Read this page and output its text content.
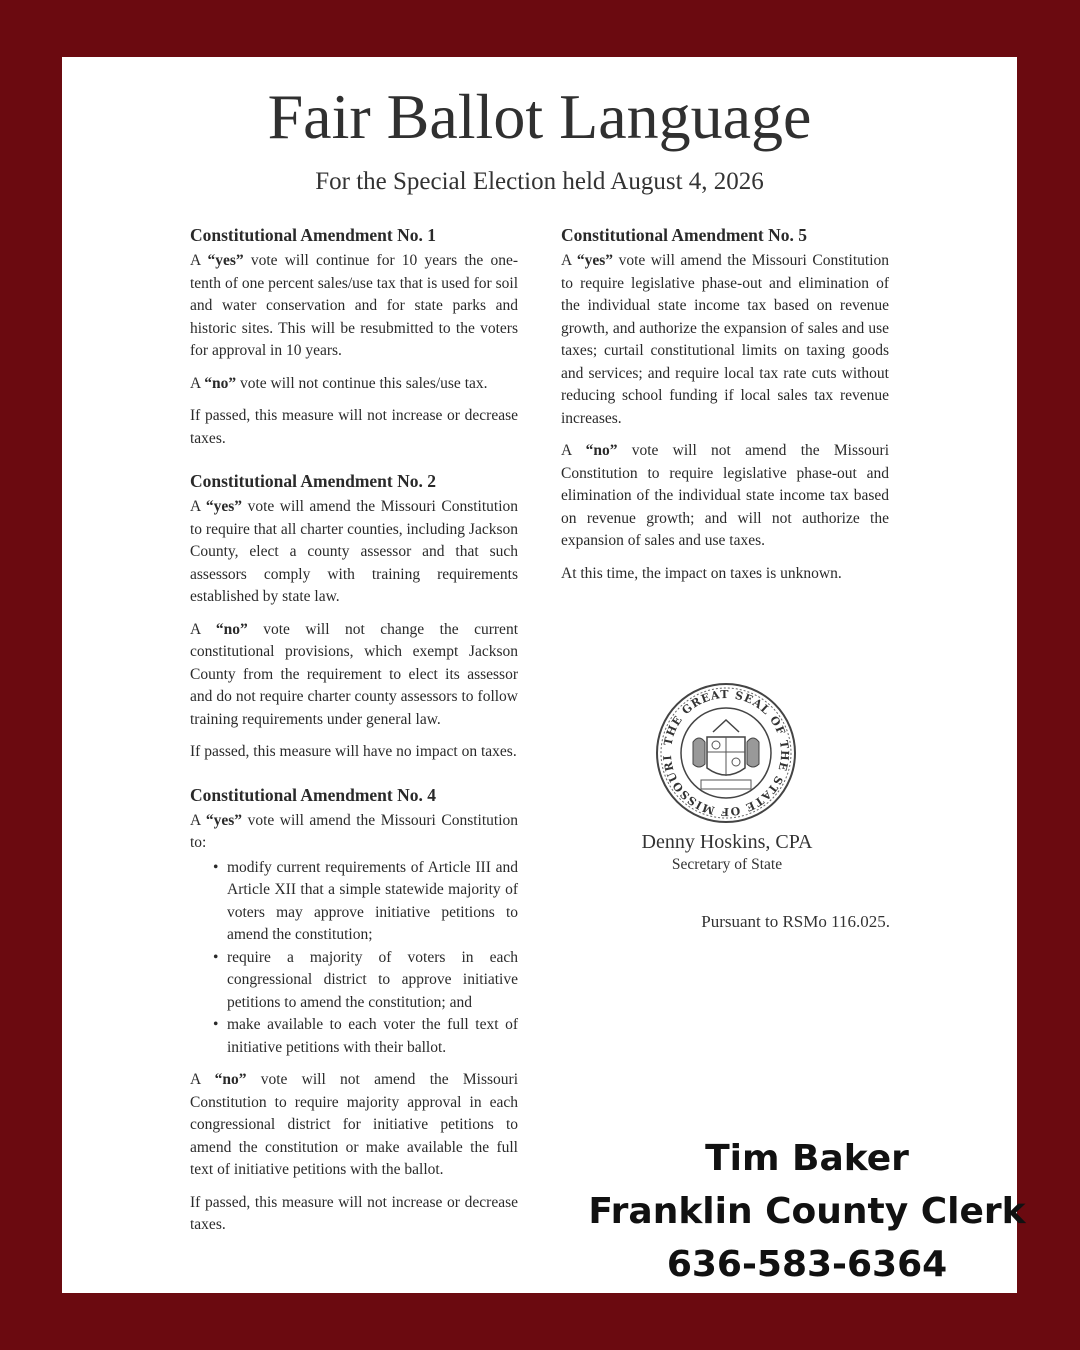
Fair Ballot Language
For the Special Election held August 4, 2026
Constitutional Amendment No. 1

A “yes” vote will continue for 10 years the one-tenth of one percent sales/use tax that is used for soil and water conservation and for state parks and historic sites. This will be resubmitted to the voters for approval in 10 years.

A “no” vote will not continue this sales/use tax.

If passed, this measure will not increase or decrease taxes.

Constitutional Amendment No. 2

A “yes” vote will amend the Missouri Constitution to require that all charter counties, including Jackson County, elect a county assessor and that such assessors comply with training requirements established by state law.

A “no” vote will not change the current constitutional provisions, which exempt Jackson County from the requirement to elect its assessor and do not require charter county assessors to follow training requirements under general law.

If passed, this measure will have no impact on taxes.

Constitutional Amendment No. 4

A “yes” vote will amend the Missouri Constitution to:

• modify current requirements of Article III and Article XII that a simple statewide majority of voters may approve initiative petitions to amend the constitution;
• require a majority of voters in each congressional district to approve initiative petitions to amend the constitution; and
• make available to each voter the full text of initiative petitions with their ballot.

A “no” vote will not amend the Missouri Constitution to require majority approval in each congressional district for initiative petitions to amend the constitution or make available the full text of initiative petitions with the ballot.

If passed, this measure will not increase or decrease taxes.

Constitutional Amendment No. 5

A “yes” vote will amend the Missouri Constitution to require legislative phase-out and elimination of the individual state income tax based on revenue growth, and authorize the expansion of sales and use taxes; curtail constitutional limits on taxing goods and services; and require local tax rate cuts without reducing school funding if local sales tax revenue increases.

A “no” vote will not amend the Missouri Constitution to require legislative phase-out and elimination of the individual state income tax based on revenue growth; and will not authorize the expansion of sales and use taxes.

At this time, the impact on taxes is unknown.

THE GREAT SEAL OF THE STATE OF MISSOURI
Denny Hoskins, CPA
Secretary of State
Pursuant to RSMo 116.025.
Tim Baker
Franklin County Clerk
636-583-6364
